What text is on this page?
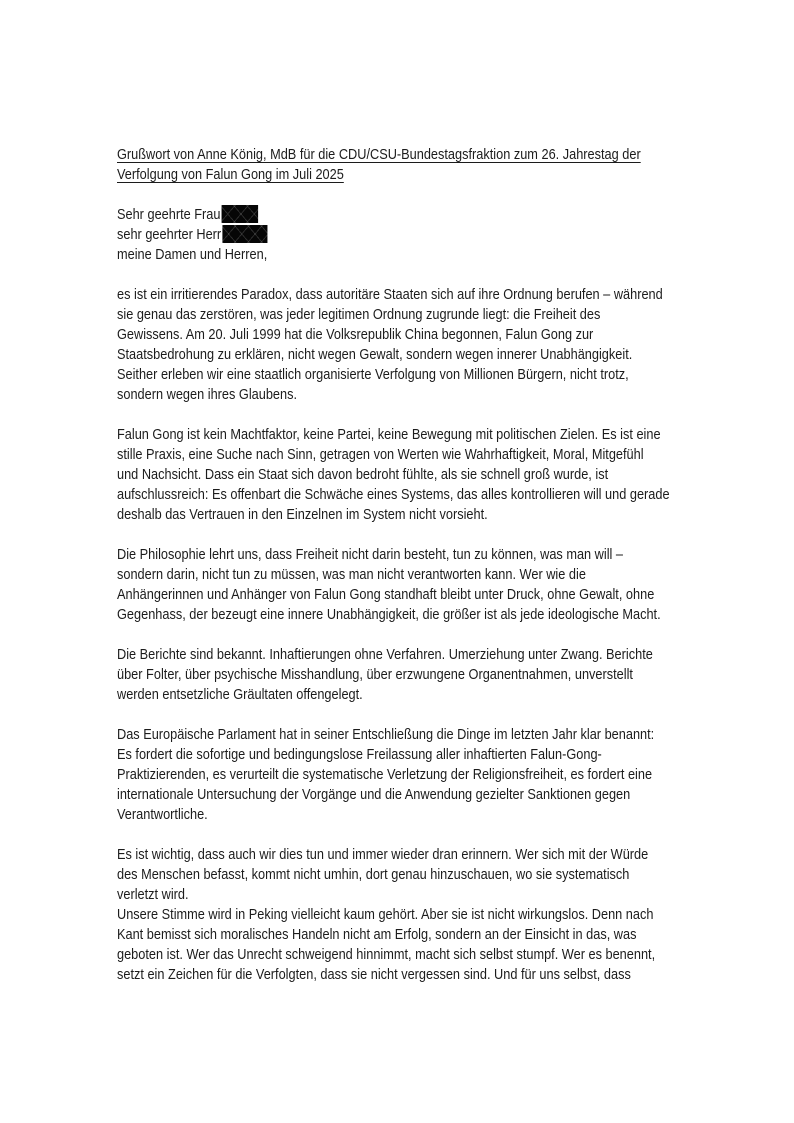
Grußwort von Anne König, MdB für die CDU/CSU-Bundestagsfraktion zum 26. Jahrestag der
Verfolgung von Falun Gong im Juli 2025
Sehr geehrte Frau
sehr geehrter Herr
meine Damen und Herren,
es ist ein irritierendes Paradox, dass autoritäre Staaten sich auf ihre Ordnung berufen – während
sie genau das zerstören, was jeder legitimen Ordnung zugrunde liegt: die Freiheit des
Gewissens. Am 20. Juli 1999 hat die Volksrepublik China begonnen, Falun Gong zur
Staatsbedrohung zu erklären, nicht wegen Gewalt, sondern wegen innerer Unabhängigkeit.
Seither erleben wir eine staatlich organisierte Verfolgung von Millionen Bürgern, nicht trotz,
sondern wegen ihres Glaubens.
Falun Gong ist kein Machtfaktor, keine Partei, keine Bewegung mit politischen Zielen. Es ist eine
stille Praxis, eine Suche nach Sinn, getragen von Werten wie Wahrhaftigkeit, Moral, Mitgefühl
und Nachsicht. Dass ein Staat sich davon bedroht fühlte, als sie schnell groß wurde, ist
aufschlussreich: Es offenbart die Schwäche eines Systems, das alles kontrollieren will und gerade
deshalb das Vertrauen in den Einzelnen im System nicht vorsieht.
Die Philosophie lehrt uns, dass Freiheit nicht darin besteht, tun zu können, was man will –
sondern darin, nicht tun zu müssen, was man nicht verantworten kann. Wer wie die
Anhängerinnen und Anhänger von Falun Gong standhaft bleibt unter Druck, ohne Gewalt, ohne
Gegenhass, der bezeugt eine innere Unabhängigkeit, die größer ist als jede ideologische Macht.
Die Berichte sind bekannt. Inhaftierungen ohne Verfahren. Umerziehung unter Zwang. Berichte
über Folter, über psychische Misshandlung, über erzwungene Organentnahmen, unverstellt
werden entsetzliche Gräultaten offengelegt.
Das Europäische Parlament hat in seiner Entschließung die Dinge im letzten Jahr klar benannt:
Es fordert die sofortige und bedingungslose Freilassung aller inhaftierten Falun-Gong-
Praktizierenden, es verurteilt die systematische Verletzung der Religionsfreiheit, es fordert eine
internationale Untersuchung der Vorgänge und die Anwendung gezielter Sanktionen gegen
Verantwortliche.
Es ist wichtig, dass auch wir dies tun und immer wieder dran erinnern. Wer sich mit der Würde
des Menschen befasst, kommt nicht umhin, dort genau hinzuschauen, wo sie systematisch
verletzt wird.
Unsere Stimme wird in Peking vielleicht kaum gehört. Aber sie ist nicht wirkungslos. Denn nach
Kant bemisst sich moralisches Handeln nicht am Erfolg, sondern an der Einsicht in das, was
geboten ist. Wer das Unrecht schweigend hinnimmt, macht sich selbst stumpf. Wer es benennt,
setzt ein Zeichen für die Verfolgten, dass sie nicht vergessen sind. Und für uns selbst, dass
